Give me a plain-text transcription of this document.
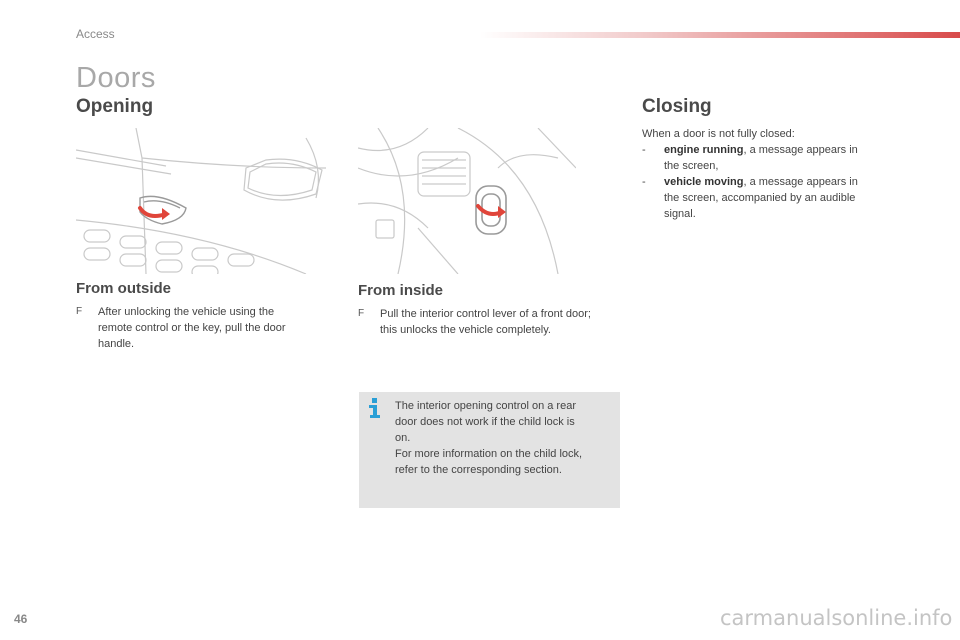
Access
Doors
Opening	Closing
From outside
F After unlocking the vehicle using the
remote control or the key, pull the door
handle.
From inside
F Pull the interior control lever of a front door;
this unlocks the vehicle completely.
When a door is not fully closed:
- engine running, a message appears in
the screen,
- vehicle moving, a message appears in
the screen, accompanied by an audible
signal.
The interior opening control on a rear
door does not work if the child lock is
on.
For more information on the child lock,
refer to the corresponding section.
46	carmanualsonline.info
